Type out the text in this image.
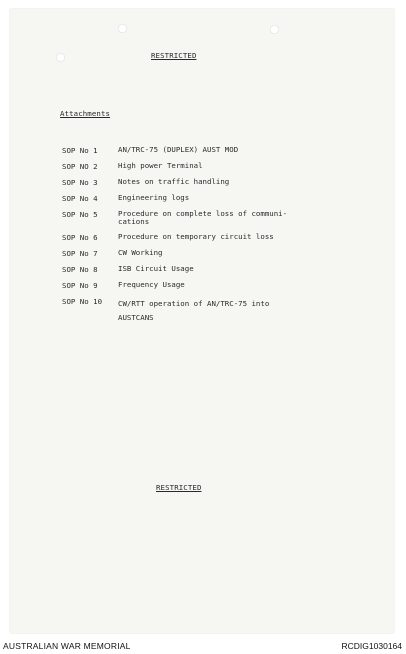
RESTRICTED
Attachments
SOP No 1	AN/TRC-75 (DUPLEX) AUST MOD
SOP NO 2	High power Terminal
SOP No 3	Notes on traffic handling
SOP No 4	Engineering logs
SOP No 5	Procedure on complete loss of communi-
cations
SOP No 6	Procedure on temporary circuit loss
SOP No 7	CW Working
SOP No 8	ISB Circuit Usage
SOP No 9	Frequency Usage
SOP No 10	CW/RTT operation of AN/TRC-75 into
AUSTCANS
RESTRICTED
AUSTRALIAN WAR MEMORIAL	RCDIG1030164
